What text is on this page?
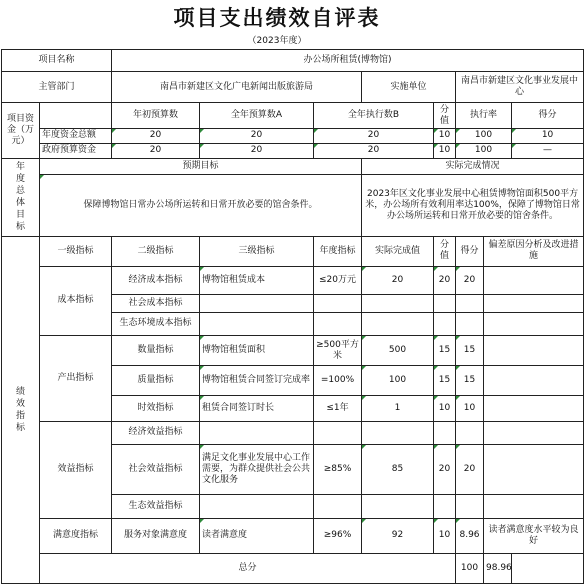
项目支出绩效自评表
（2023年度）
项目名称		办公场所租赁(博物馆)							
主管部门		南昌市新建区文化广电新闻出版旅游局			实施单位		南昌市新建区文化事业发展中心		
项目资金（万元）		年初预算数	全年预算数A	全年执行数B		分值	执行率		得分
	年度资金总额	20	20	20		10	100		10
	政府预算资金	20	20	20		10	100		—
年度总体目标	预期目标				实际完成情况				
	保障博物馆日常办公场所运转和日常开放必要的馆舍条件。				2023年区文化事业发展中心租赁博物馆面积500平方米，办公场所有效利用率达100%，保障了博物馆日常办公场所运转和日常开放必要的馆舍条件。				
绩效指标	一级指标	二级指标	三级指标	年度指标	实际完成值	分值	得分	偏差原因分析及改进措施	
	成本指标	经济成本指标	博物馆租赁成本	≤20万元	20	20	20		
		社会成本指标							
		生态环境成本指标							
	产出指标	数量指标	博物馆租赁面积	≥500平方米	500	15	15		
		质量指标	博物馆租赁合同签订完成率	=100%	100	15	15		
		时效指标	租赁合同签订时长	≤1年	1	10	10		
	效益指标	经济效益指标							
		社会效益指标	满足文化事业发展中心工作需要，为群众提供社会公共文化服务	≥85%	85	20	20		
		生态效益指标							
	满意度指标	服务对象满意度	读者满意度	≥96%	92	10	8.96	读者满意度水平较为良好	
	总分						100	98.96	
